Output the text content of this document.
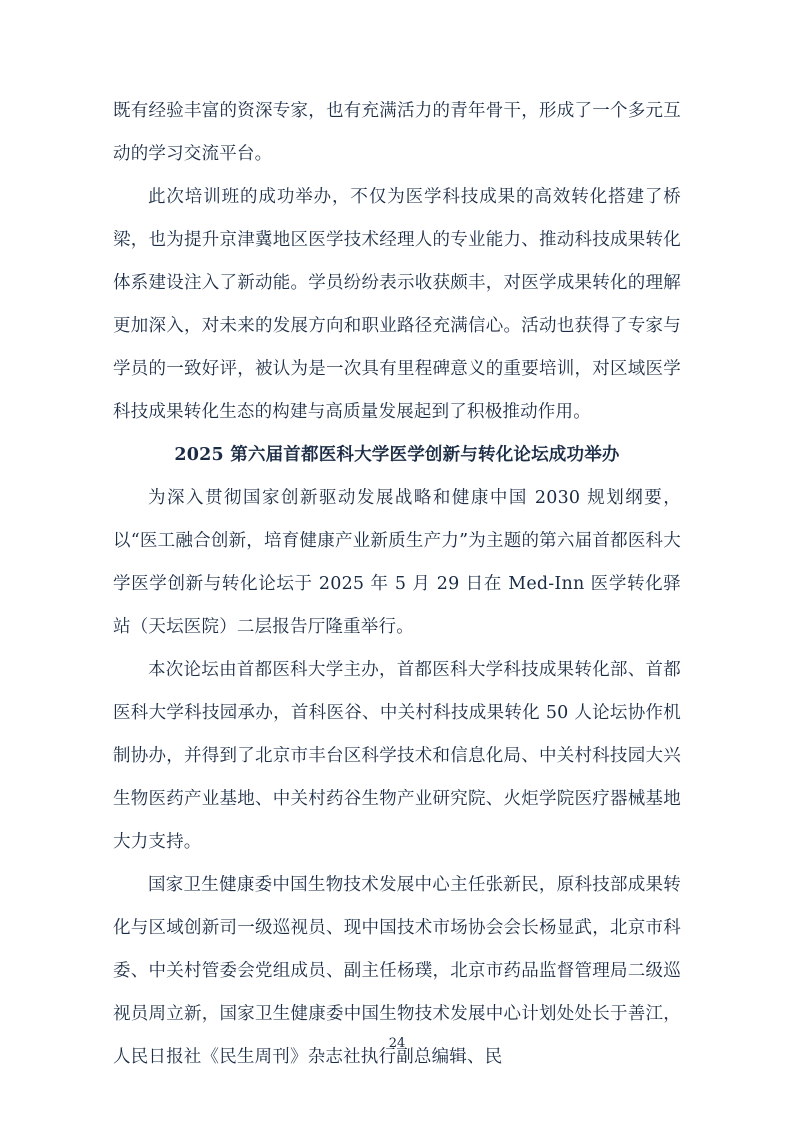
既有经验丰富的资深专家，也有充满活力的青年骨干，形成了一个多元互动的学习交流平台。

此次培训班的成功举办，不仅为医学科技成果的高效转化搭建了桥梁，也为提升京津冀地区医学技术经理人的专业能力、推动科技成果转化体系建设注入了新动能。学员纷纷表示收获颇丰，对医学成果转化的理解更加深入，对未来的发展方向和职业路径充满信心。活动也获得了专家与学员的一致好评，被认为是一次具有里程碑意义的重要培训，对区域医学科技成果转化生态的构建与高质量发展起到了积极推动作用。

2025 第六届首都医科大学医学创新与转化论坛成功举办

为深入贯彻国家创新驱动发展战略和健康中国 2030 规划纲要，以“医工融合创新，培育健康产业新质生产力”为主题的第六届首都医科大学医学创新与转化论坛于 2025 年 5 月 29 日在 Med-Inn 医学转化驿站（天坛医院）二层报告厅隆重举行。

本次论坛由首都医科大学主办，首都医科大学科技成果转化部、首都医科大学科技园承办，首科医谷、中关村科技成果转化 50 人论坛协作机制协办，并得到了北京市丰台区科学技术和信息化局、中关村科技园大兴生物医药产业基地、中关村药谷生物产业研究院、火炬学院医疗器械基地大力支持。

国家卫生健康委中国生物技术发展中心主任张新民，原科技部成果转化与区域创新司一级巡视员、现中国技术市场协会会长杨显武，北京市科委、中关村管委会党组成员、副主任杨璞，北京市药品监督管理局二级巡视员周立新，国家卫生健康委中国生物技术发展中心计划处处长于善江，人民日报社《民生周刊》杂志社执行副总编辑、民

24
